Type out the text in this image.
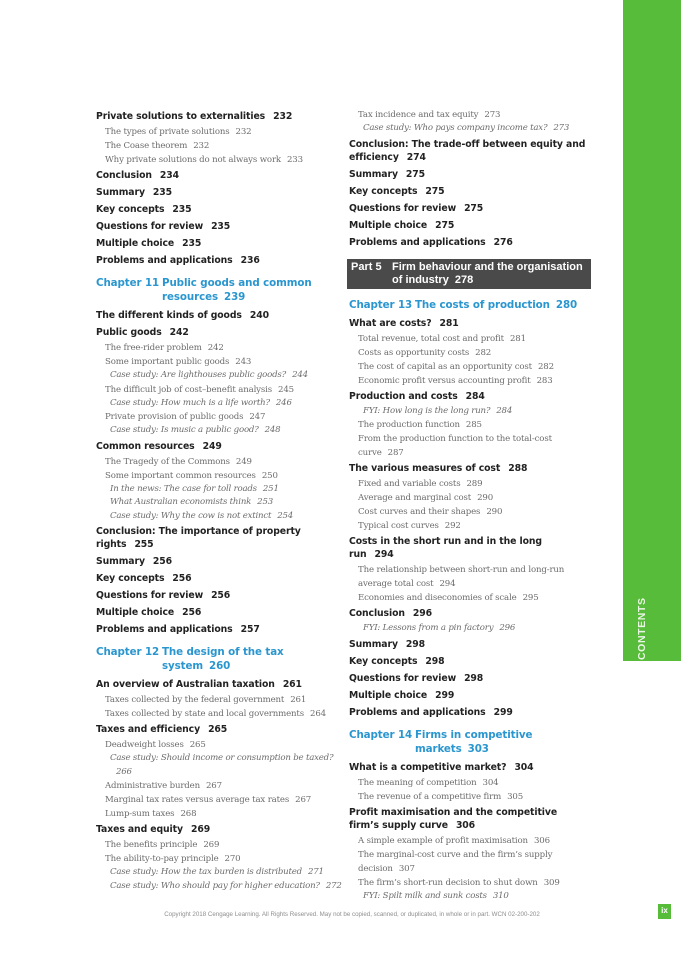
Private solutions to externalities 232
The types of private solutions 232
The Coase theorem 232
Why private solutions do not always work 233
Conclusion 234
Summary 235
Key concepts 235
Questions for review 235
Multiple choice 235
Problems and applications 236
Chapter 11 Public goods and common resources 239
The different kinds of goods 240
Public goods 242
The free-rider problem 242
Some important public goods 243
Case study: Are lighthouses public goods? 244
The difficult job of cost–benefit analysis 245
Case study: How much is a life worth? 246
Private provision of public goods 247
Case study: Is music a public good? 248
Common resources 249
The Tragedy of the Commons 249
Some important common resources 250
In the news: The case for toll roads 251
What Australian economists think 253
Case study: Why the cow is not extinct 254
Conclusion: The importance of property rights 255
Summary 256
Key concepts 256
Questions for review 256
Multiple choice 256
Problems and applications 257
Chapter 12 The design of the tax system 260
An overview of Australian taxation 261
Taxes collected by the federal government 261
Taxes collected by state and local governments 264
Taxes and efficiency 265
Deadweight losses 265
Case study: Should income or consumption be taxed?266
Administrative burden 267
Marginal tax rates versus average tax rates 267
Lump-sum taxes 268
Taxes and equity 269
The benefits principle 269
The ability-to-pay principle 270
Case study: How the tax burden is distributed 271
Case study: Who should pay for higher education? 272
Tax incidence and tax equity 273
Case study: Who pays company income tax? 273
Conclusion: The trade-off between equity and efficiency 274
Summary 275
Key concepts 275
Questions for review 275
Multiple choice 275
Problems and applications 276
Part 5 Firm behaviour and the organisation of industry 278
Chapter 13 The costs of production 280
What are costs? 281
Total revenue, total cost and profit 281
Costs as opportunity costs 282
The cost of capital as an opportunity cost 282
Economic profit versus accounting profit 283
Production and costs 284
FYI: How long is the long run? 284
The production function 285
From the production function to the total-cost curve 287
The various measures of cost 288
Fixed and variable costs 289
Average and marginal cost 290
Cost curves and their shapes 290
Typical cost curves 292
Costs in the short run and in the long run 294
The relationship between short-run and long-run average total cost 294
Economies and diseconomies of scale 295
Conclusion 296
FYI: Lessons from a pin factory 296
Summary 298
Key concepts 298
Questions for review 298
Multiple choice 299
Problems and applications 299
Chapter 14 Firms in competitive markets 303
What is a competitive market? 304
The meaning of competition 304
The revenue of a competitive firm 305
Profit maximisation and the competitive firm’s supply curve 306
A simple example of profit maximisation 306
The marginal-cost curve and the firm’s supply decision 307
The firm’s short-run decision to shut down 309
FYI: Spilt milk and sunk costs 310
CONTENTS
Copyright 2018 Cengage Learning. All Rights Reserved. May not be copied, scanned, or duplicated, in whole or in part. WCN 02-200-202	ix
